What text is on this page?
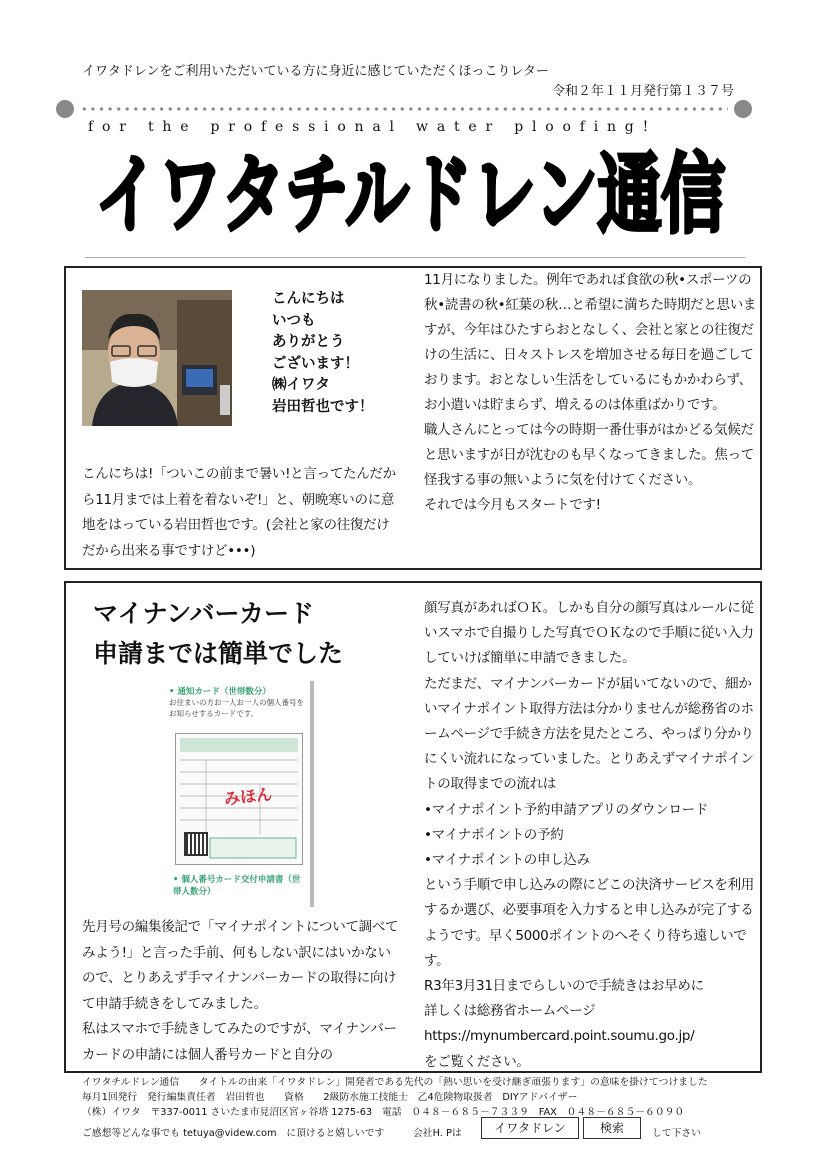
イワタドレンをご利用いただいている方に身近に感じていただくほっこりレター
令和２年１１月発行第１３７号
for the professional water ploofing!
イワタチルドレン通信
こんにちは
いつも
ありがとう
ございます！
㈱イワタ
岩田哲也です！

こんにちは!「ついこの前まで暑い!と言ってたんだから11月までは上着を着ないぞ!」と、朝晩寒いのに意地をはっている岩田哲也です。(会社と家の往復だけだから出来る事ですけど•••)

11月になりました。例年であれば食欲の秋•スポーツの秋•読書の秋•紅葉の秋…と希望に満ちた時期だと思いますが、今年はひたすらおとなしく、会社と家との往復だけの生活に、日々ストレスを増加させる毎日を過ごしております。おとなしい生活をしているにもかかわらず、お小遣いは貯まらず、増えるのは体重ばかりです。

職人さんにとっては今の時期一番仕事がはかどる気候だと思いますが日が沈むのも早くなってきました。焦って怪我する事の無いように気を付けてください。

それでは今月もスタートです!

マイナンバーカード
申請までは簡単でした
• 通知カード（世帯数分）
お住まいの方お一人お一人の個人番号をお知らせするカードです。
みほん
• 個人番号カード交付申請書（世帯人数分）

先月号の編集後記で「マイナポイントについて調べてみよう!」と言った手前、何もしない訳にはいかないので、とりあえず手マイナンバーカードの取得に向けて申請手続きをしてみました。

私はスマホで手続きしてみたのですが、マイナンバーカードの申請には個人番号カードと自分の

顔写真があればＯＫ。しかも自分の顔写真はルールに従いスマホで自撮りした写真でＯＫなので手順に従い入力していけば簡単に申請できました。

ただまだ、マイナンバーカードが届いてないので、細かいマイナポイント取得方法は分かりませんが総務省のホームページで手続き方法を見たところ、やっぱり分かりにくい流れになっていました。とりあえずマイナポイントの取得までの流れは

•マイナポイント予約申請アプリのダウンロード
•マイナポイントの予約
•マイナポイントの申し込み

という手順で申し込みの際にどこの決済サービスを利用するか選び、必要事項を入力すると申し込みが完了するようです。早く5000ポイントのへそくり待ち遠しいです。

R3年3月31日までらしいので手続きはお早めに

詳しくは総務省ホームページ

https://mynumbercard.point.soumu.go.jp/

をご覧ください。

イワタチルドレン通信　　タイトルの由来「イワタドレン」開発者である先代の「熱い思いを受け継ぎ頑張ります」の意味を掛けてつけました
毎月1回発行　発行編集責任者　岩田哲也　　資格　　2級防水施工技能士　乙4危険物取扱者　DIYアドバイザー
（株）イワタ　〒337-0011 さいたま市見沼区宮ヶ谷塔 1275-63　電話　０４８－６８５－７３３９　FAX　０４８－６８５－６０９０
ご感想等どんな事でも tetuya@videw.com　に頂けると嬉しいです	会社H. Pは	イワタドレン	検索	して下さい
